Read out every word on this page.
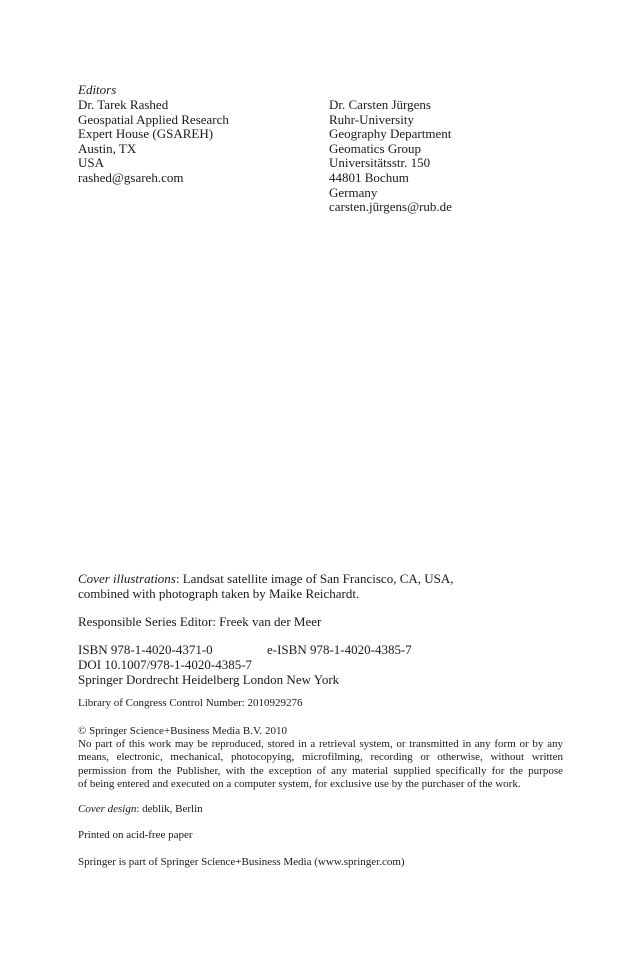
Editors
Dr. Tarek Rashed
Geospatial Applied Research
Expert House (GSAREH)
Austin, TX
USA
rashed@gsareh.com
Dr. Carsten Jürgens
Ruhr-University
Geography Department
Geomatics Group
Universitätsstr. 150
44801 Bochum
Germany
carsten.jürgens@rub.de
Cover illustrations: Landsat satellite image of San Francisco, CA, USA,
combined with photograph taken by Maike Reichardt.
Responsible Series Editor: Freek van der Meer
ISBN 978-1-4020-4371-0	e-ISBN 978-1-4020-4385-7
DOI 10.1007/978-1-4020-4385-7
Springer Dordrecht Heidelberg London New York
Library of Congress Control Number: 2010929276
© Springer Science+Business Media B.V. 2010
No part of this work may be reproduced, stored in a retrieval system, or transmitted in any form or by any
means, electronic, mechanical, photocopying, microfilming, recording or otherwise, without written
permission from the Publisher, with the exception of any material supplied specifically for the purpose
of being entered and executed on a computer system, for exclusive use by the purchaser of the work.
Cover design: deblik, Berlin
Printed on acid-free paper
Springer is part of Springer Science+Business Media (www.springer.com)
